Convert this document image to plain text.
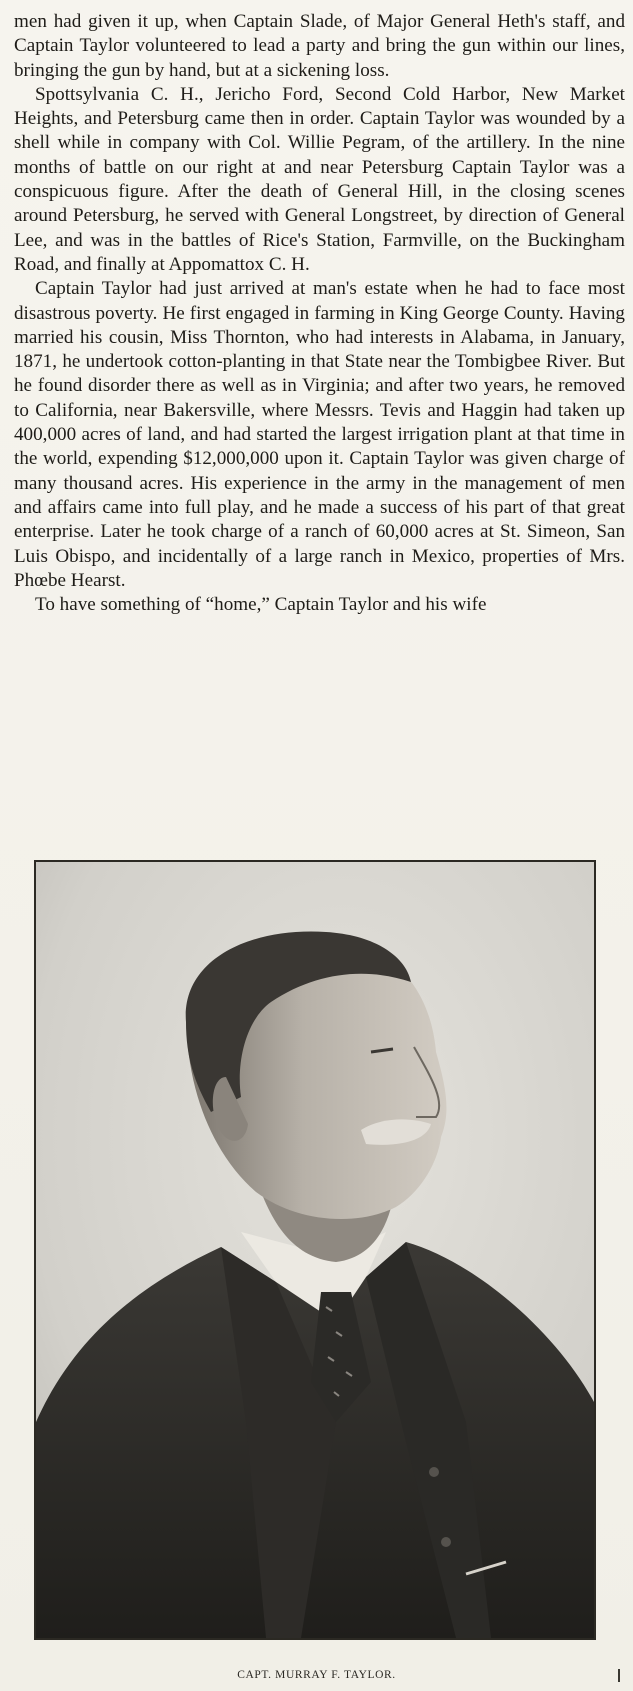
men had given it up, when Captain Slade, of Major General Heth's staff, and Captain Taylor volunteered to lead a party and bring the gun within our lines, bringing the gun by hand, but at a sickening loss.

Spottsylvania C. H., Jericho Ford, Second Cold Harbor, New Market Heights, and Petersburg came then in order. Captain Taylor was wounded by a shell while in company with Col. Willie Pegram, of the artillery. In the nine months of battle on our right at and near Petersburg Captain Taylor was a conspicuous figure. After the death of General Hill, in the closing scenes around Petersburg, he served with General Longstreet, by direction of General Lee, and was in the battles of Rice's Station, Farmville, on the Buckingham Road, and finally at Appomattox C. H.

Captain Taylor had just arrived at man's estate when he had to face most disastrous poverty. He first engaged in farming in King George County. Having married his cousin, Miss Thornton, who had interests in Alabama, in January, 1871, he undertook cotton-planting in that State near the Tombigbee River. But he found disorder there as well as in Virginia; and after two years, he removed to California, near Bakersville, where Messrs. Tevis and Haggin had taken up 400,000 acres of land, and had started the largest irrigation plant at that time in the world, expending $12,000,000 upon it. Captain Taylor was given charge of many thousand acres. His experience in the army in the management of men and affairs came into full play, and he made a success of his part of that great enterprise. Later he took charge of a ranch of 60,000 acres at St. Simeon, San Luis Obispo, and incidentally of a large ranch in Mexico, properties of Mrs. Phœbe Hearst.

To have something of “home,” Captain Taylor and his wife

CAPT. MURRAY F. TAYLOR.
